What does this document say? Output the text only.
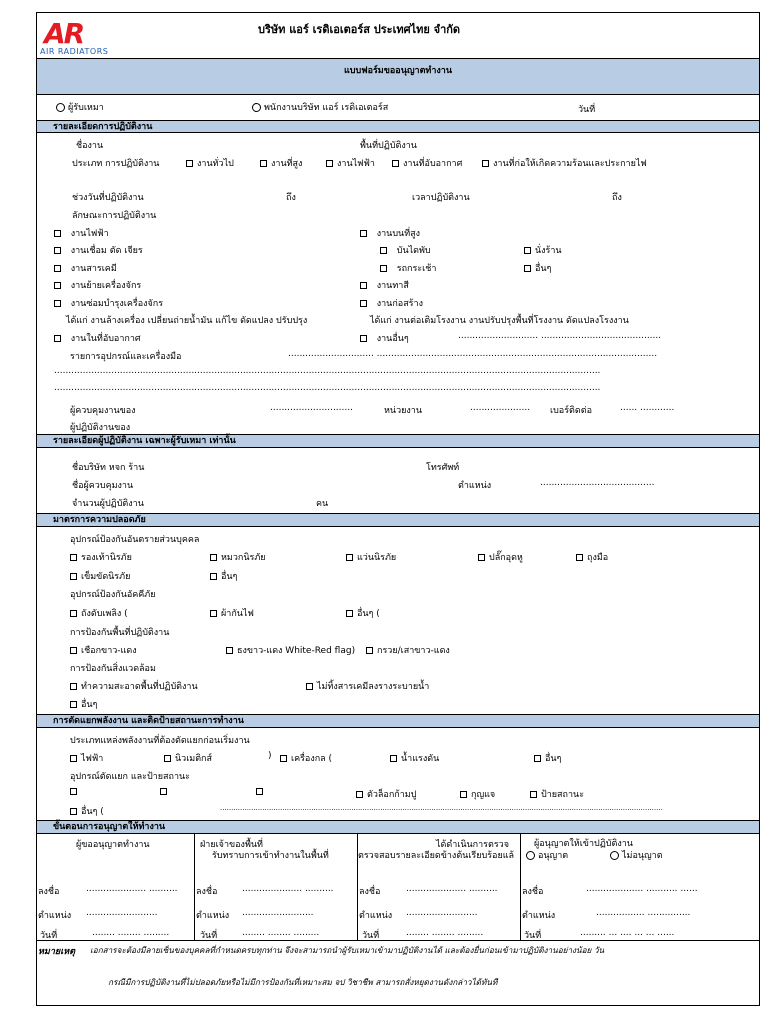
AR
AIR RADIATORS
บริษัท แอร์ เรดิเอเตอร์ส ประเทศไทย จำกัด
แบบฟอร์มขออนุญาตทำงาน
ผู้รับเหมา	พนักงานบริษัท แอร์ เรดิเอเตอร์ส	วันที่
รายละเอียดการปฏิบัติงาน
ชื่องาน	พื้นที่ปฏิบัติงาน
ประเภท การปฏิบัติงาน	งานทั่วไป	งานที่สูง	งานไฟฟ้า	งานที่อับอากาศ	งานที่ก่อให้เกิดความร้อนและประกายไฟ
ช่วงวันที่ปฏิบัติงาน	ถึง	เวลาปฏิบัติงาน	ถึง
ลักษณะการปฏิบัติงาน
งานไฟฟ้า
งานเชื่อม ตัด เจียร
งานสารเคมี
งานย้ายเครื่องจักร
งานซ่อมบำรุงเครื่องจักร
งานบนที่สูง
บันไดพับ
รถกระเช้า
นั่งร้าน
อื่นๆ
งานทาสี
งานก่อสร้าง
ได้แก่ งานล้างเครื่อง เปลี่ยนถ่ายน้ำมัน แก้ไข ดัดแปลง ปรับปรุง	ได้แก่ งานต่อเติมโรงงาน งานปรับปรุงพื้นที่โรงงาน ดัดแปลงโรงงาน
งานในที่อับอากาศ	งานอื่นๆ	............................ ..........................................
รายการอุปกรณ์และเครื่องมือ	.............................. ..................................................................................................
...............................................................................................................................................................................................
...............................................................................................................................................................................................
ผู้ควบคุมงานของ	.............................	หน่วยงาน	..................... เบอร์ติดต่อ	...... ............
ผู้ปฏิบัติงานของ
รายละเอียดผู้ปฏิบัติงาน เฉพาะผู้รับเหมา เท่านั้น
ชื่อบริษัท หจก ร้าน	โทรศัพท์
ชื่อผู้ควบคุมงาน	ตำแหน่ง	........................................
จำนวนผู้ปฏิบัติงาน	คน
มาตรการความปลอดภัย
อุปกรณ์ป้องกันอันตรายส่วนบุคคล
รองเท้านิรภัย	หมวกนิรภัย	แว่นนิรภัย	ปลั๊กอุดหู	ถุงมือ
เข็มขัดนิรภัย	อื่นๆ
อุปกรณ์ป้องกันอัคคีภัย
ถังดับเพลิง (	ผ้ากันไฟ	อื่นๆ (
การป้องกันพื้นที่ปฏิบัติงาน
เชือกขาว-แดง	ธงขาว-แดง White-Red flag)	กรวย/เสาขาว-แดง
การป้องกันสิ่งแวดล้อม
ทำความสะอาดพื้นที่ปฏิบัติงาน	ไม่ทิ้งสารเคมีลงรางระบายน้ำ
อื่นๆ
การตัดแยกพลังงาน และติดป้ายสถานะการทำงาน
ประเภทแหล่งพลังงานที่ต้องตัดแยกก่อนเริ่มงาน
ไฟฟ้า	นิวเมติกส์	)	เครื่องกล (	น้ำแรงดัน	อื่นๆ
อุปกรณ์ตัดแยก และป้ายสถานะ
ตัวล็อกก้ามปู	กุญแจ	ป้ายสถานะ
อื่นๆ (	.......................................................................................................................................................................................................
ขั้นตอนการอนุญาตให้ทำงาน
ผู้ขออนุญาตทำงาน	ฝ่ายเจ้าของพื้นที่
รับทราบการเข้าทำงานในพื้นที่
ได้ดำเนินการตรวจ
ตรวจสอบรายละเอียดข้างต้นเรียบร้อยแล้
ผู้อนุญาตให้เข้าปฏิบัติงาน
อนุญาต	ไม่อนุญาต
ลงชื่อ	..................... .......... ลงชื่อ	..................... ..........	ลงชื่อ	..................... ..........	ลงชื่อ	.................... ........... ......
ตำแหน่ง .........................	ตำแหน่ง .........................	ตำแหน่ง .........................	ตำแหน่ง	................. ...............
วันที่	........ ........ .........	วันที่	........ ........ .........	วันที่	........ ........ .........	วันที่	......... ... .... ... ... ......
หมายเหตุ เอกสารจะต้องมีลายเซ็นของบุคคลที่กำหนดครบทุกท่าน จึงจะสามารถนำผู้รับเหมาเข้ามาปฏิบัติงานได้ และต้องยื่นก่อนเข้ามาปฏิบัติงานอย่างน้อย วัน
กรณีมีการปฏิบัติงานที่ไม่ปลอดภัยหรือไม่มีการป้องกันที่เหมาะสม จป วิชาชีพ สามารถสั่งหยุดงานดังกล่าวได้ทันที
